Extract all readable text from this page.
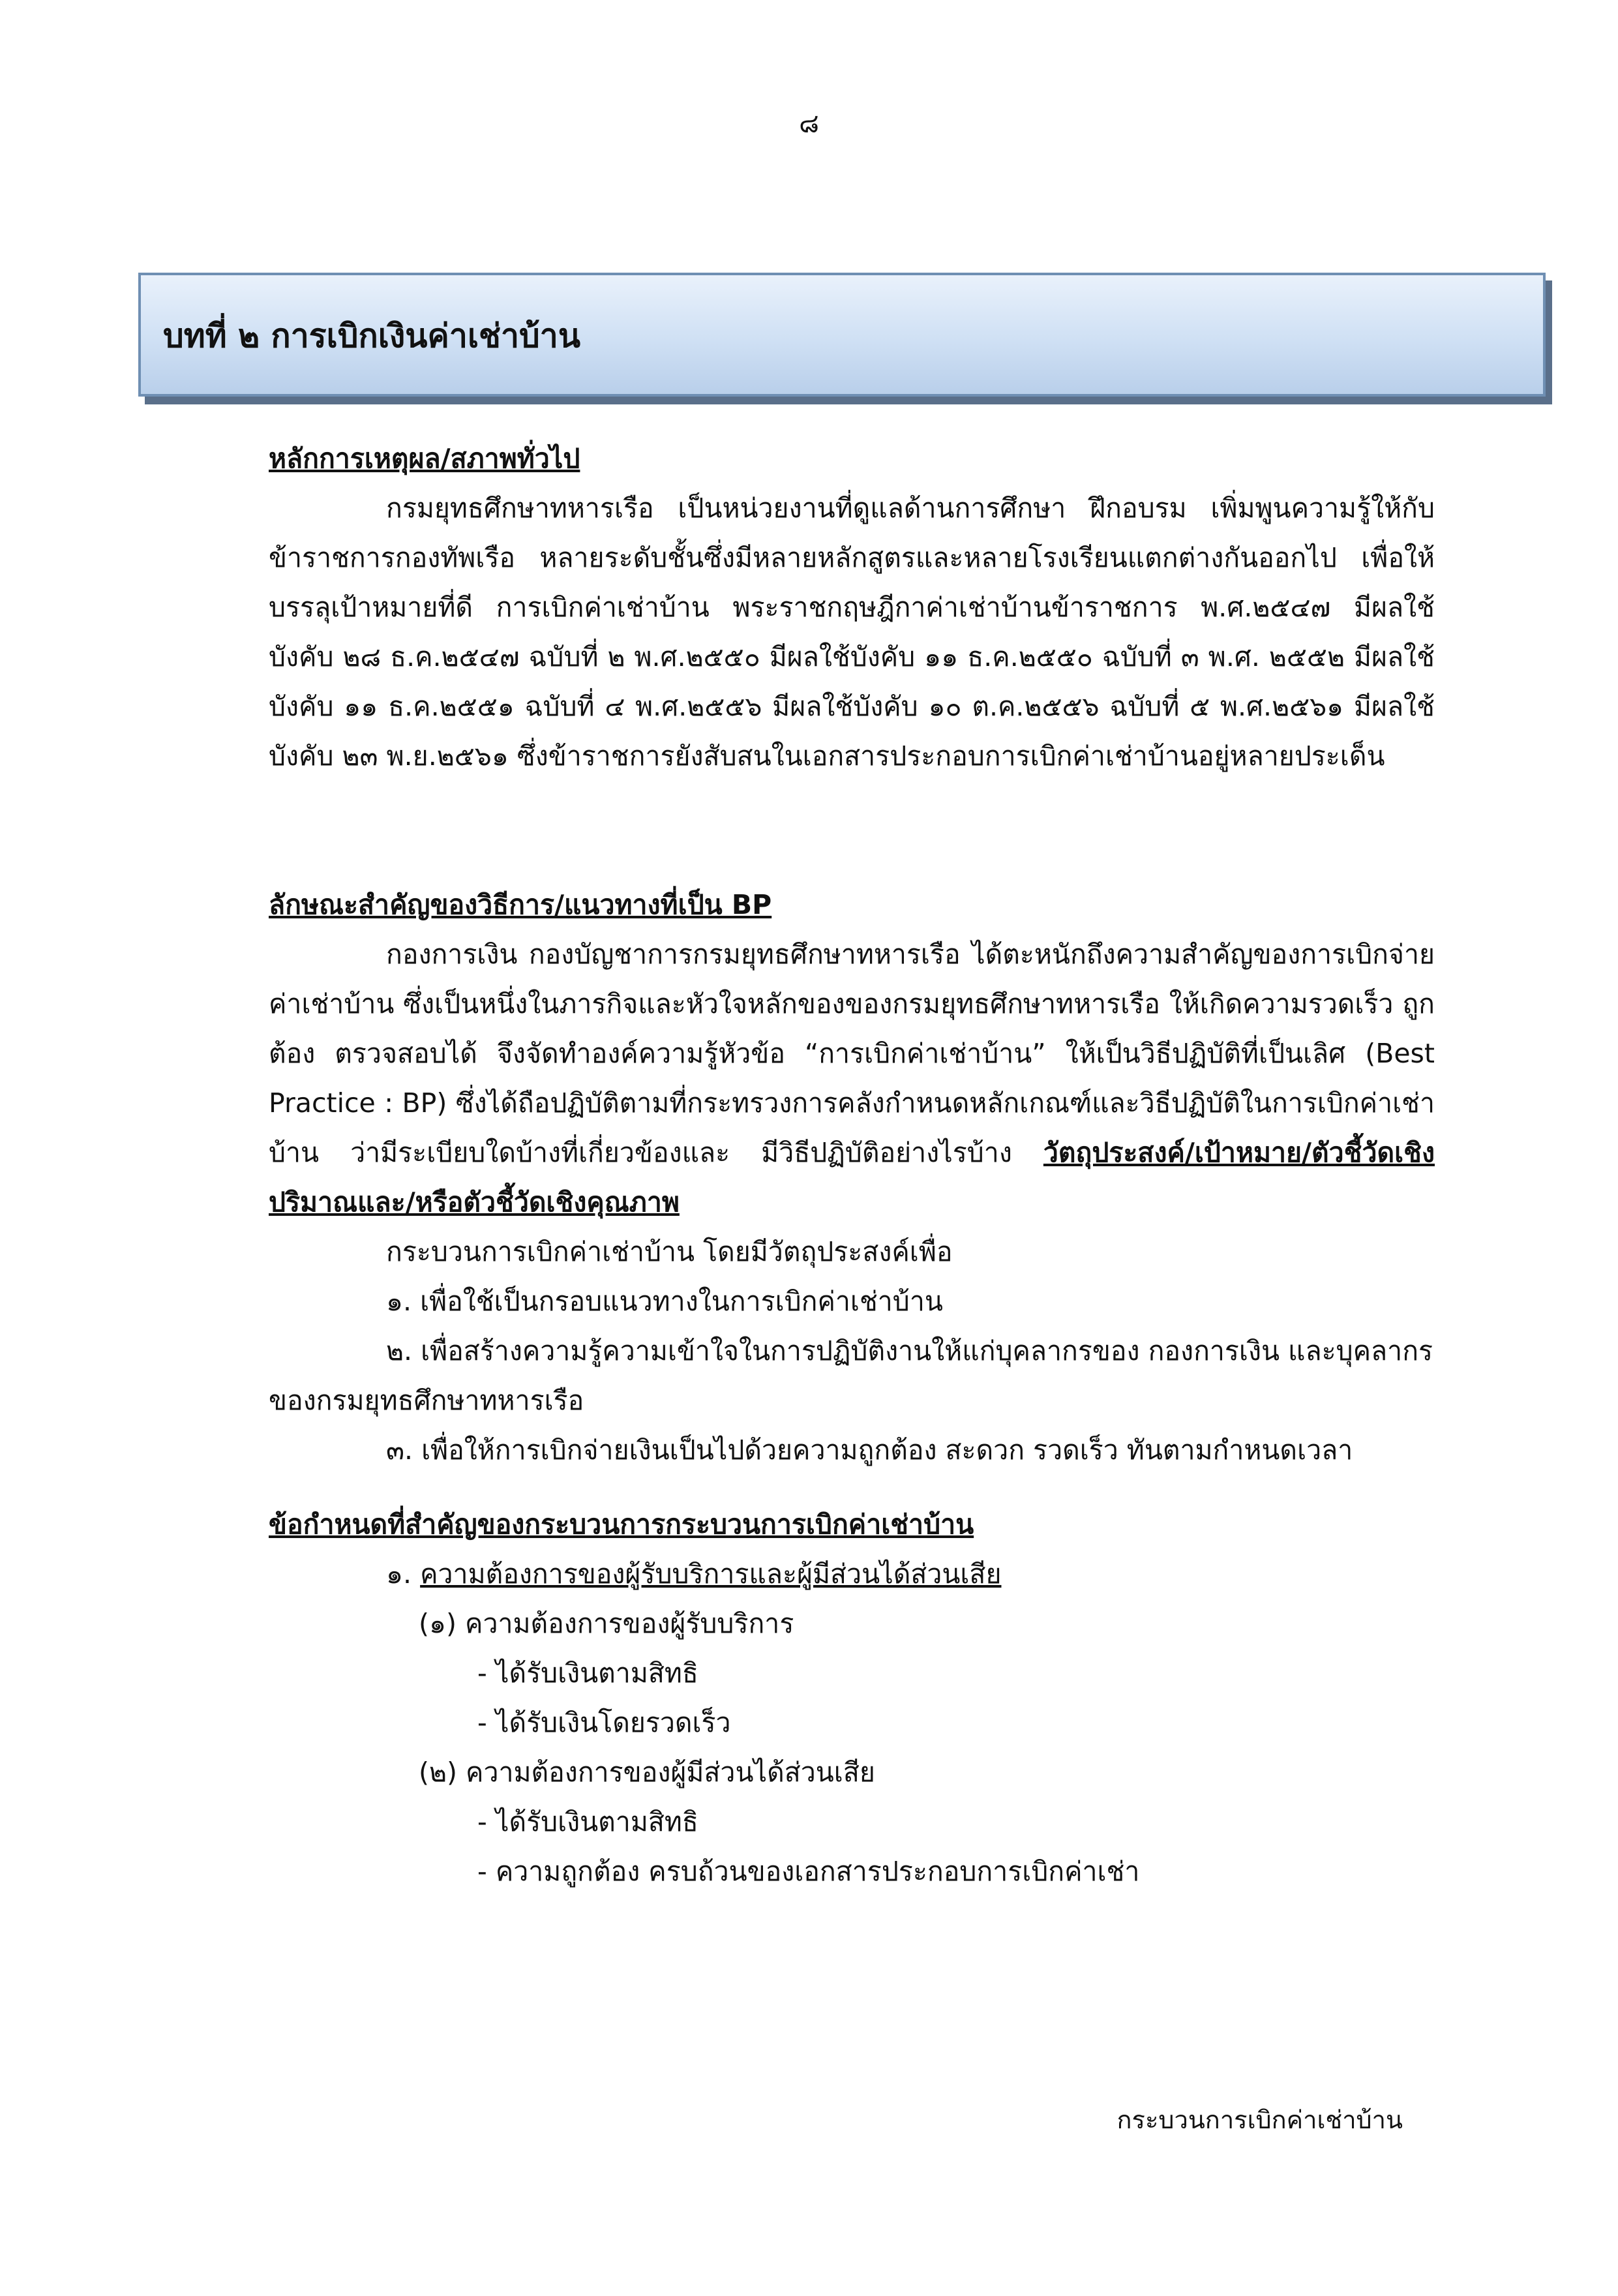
๘
บทที่ ๒ การเบิกเงินค่าเช่าบ้าน

หลักการเหตุผล/สภาพทั่วไป

กรมยุทธศึกษาทหารเรือ เป็นหน่วยงานที่ดูแลด้านการศึกษา ฝึกอบรม เพิ่มพูนความรู้ให้กับข้าราชการกองทัพเรือ หลายระดับชั้นซึ่งมีหลายหลักสูตรและหลายโรงเรียนแตกต่างกันออกไป เพื่อให้บรรลุเป้าหมายที่ดี การเบิกค่าเช่าบ้าน พระราชกฤษฎีกาค่าเช่าบ้านข้าราชการ พ.ศ.๒๕๔๗ มีผลใช้บังคับ ๒๘ ธ.ค.๒๕๔๗ ฉบับที่ ๒ พ.ศ.๒๕๕๐ มีผลใช้บังคับ ๑๑ ธ.ค.๒๕๕๐ ฉบับที่ ๓ พ.ศ. ๒๕๕๒ มีผลใช้บังคับ ๑๑ ธ.ค.๒๕๕๑ ฉบับที่ ๔ พ.ศ.๒๕๕๖ มีผลใช้บังคับ ๑๐ ต.ค.๒๕๕๖ ฉบับที่ ๕ พ.ศ.๒๕๖๑ มีผลใช้บังคับ ๒๓ พ.ย.๒๕๖๑ ซึ่งข้าราชการยังสับสนในเอกสารประกอบการเบิกค่าเช่าบ้านอยู่หลายประเด็น

ลักษณะสำคัญของวิธีการ/แนวทางที่เป็น BP

กองการเงิน กองบัญชาการกรมยุทธศึกษาทหารเรือ ได้ตะหนักถึงความสำคัญของการเบิกจ่ายค่าเช่าบ้าน ซึ่งเป็นหนึ่งในภารกิจและหัวใจหลักของของกรมยุทธศึกษาทหารเรือ ให้เกิดความรวดเร็ว ถูกต้อง ตรวจสอบได้ จึงจัดทำองค์ความรู้หัวข้อ “การเบิกค่าเช่าบ้าน” ให้เป็นวิธีปฏิบัติที่เป็นเลิศ (Best Practice : BP) ซึ่งได้ถือปฏิบัติตามที่กระทรวงการคลังกำหนดหลักเกณฑ์และวิธีปฏิบัติในการเบิกค่าเช่าบ้าน ว่ามีระเบียบใดบ้างที่เกี่ยวข้องและ มีวิธีปฏิบัติอย่างไรบ้าง วัตถุประสงค์/เป้าหมาย/ตัวชี้วัดเชิงปริมาณและ/หรือตัวชี้วัดเชิงคุณภาพ

กระบวนการเบิกค่าเช่าบ้าน โดยมีวัตถุประสงค์เพื่อ

๑. เพื่อใช้เป็นกรอบแนวทางในการเบิกค่าเช่าบ้าน

๒. เพื่อสร้างความรู้ความเข้าใจในการปฏิบัติงานให้แก่บุคลากรของ กองการเงิน และบุคลากรของกรมยุทธศึกษาทหารเรือ

๓. เพื่อให้การเบิกจ่ายเงินเป็นไปด้วยความถูกต้อง สะดวก รวดเร็ว ทันตามกำหนดเวลา

ข้อกำหนดที่สำคัญของกระบวนการกระบวนการเบิกค่าเช่าบ้าน

๑. ความต้องการของผู้รับบริการและผู้มีส่วนได้ส่วนเสีย

(๑) ความต้องการของผู้รับบริการ

- ได้รับเงินตามสิทธิ

- ได้รับเงินโดยรวดเร็ว

(๒) ความต้องการของผู้มีส่วนได้ส่วนเสีย

- ได้รับเงินตามสิทธิ

- ความถูกต้อง ครบถ้วนของเอกสารประกอบการเบิกค่าเช่า

กระบวนการเบิกค่าเช่าบ้าน
